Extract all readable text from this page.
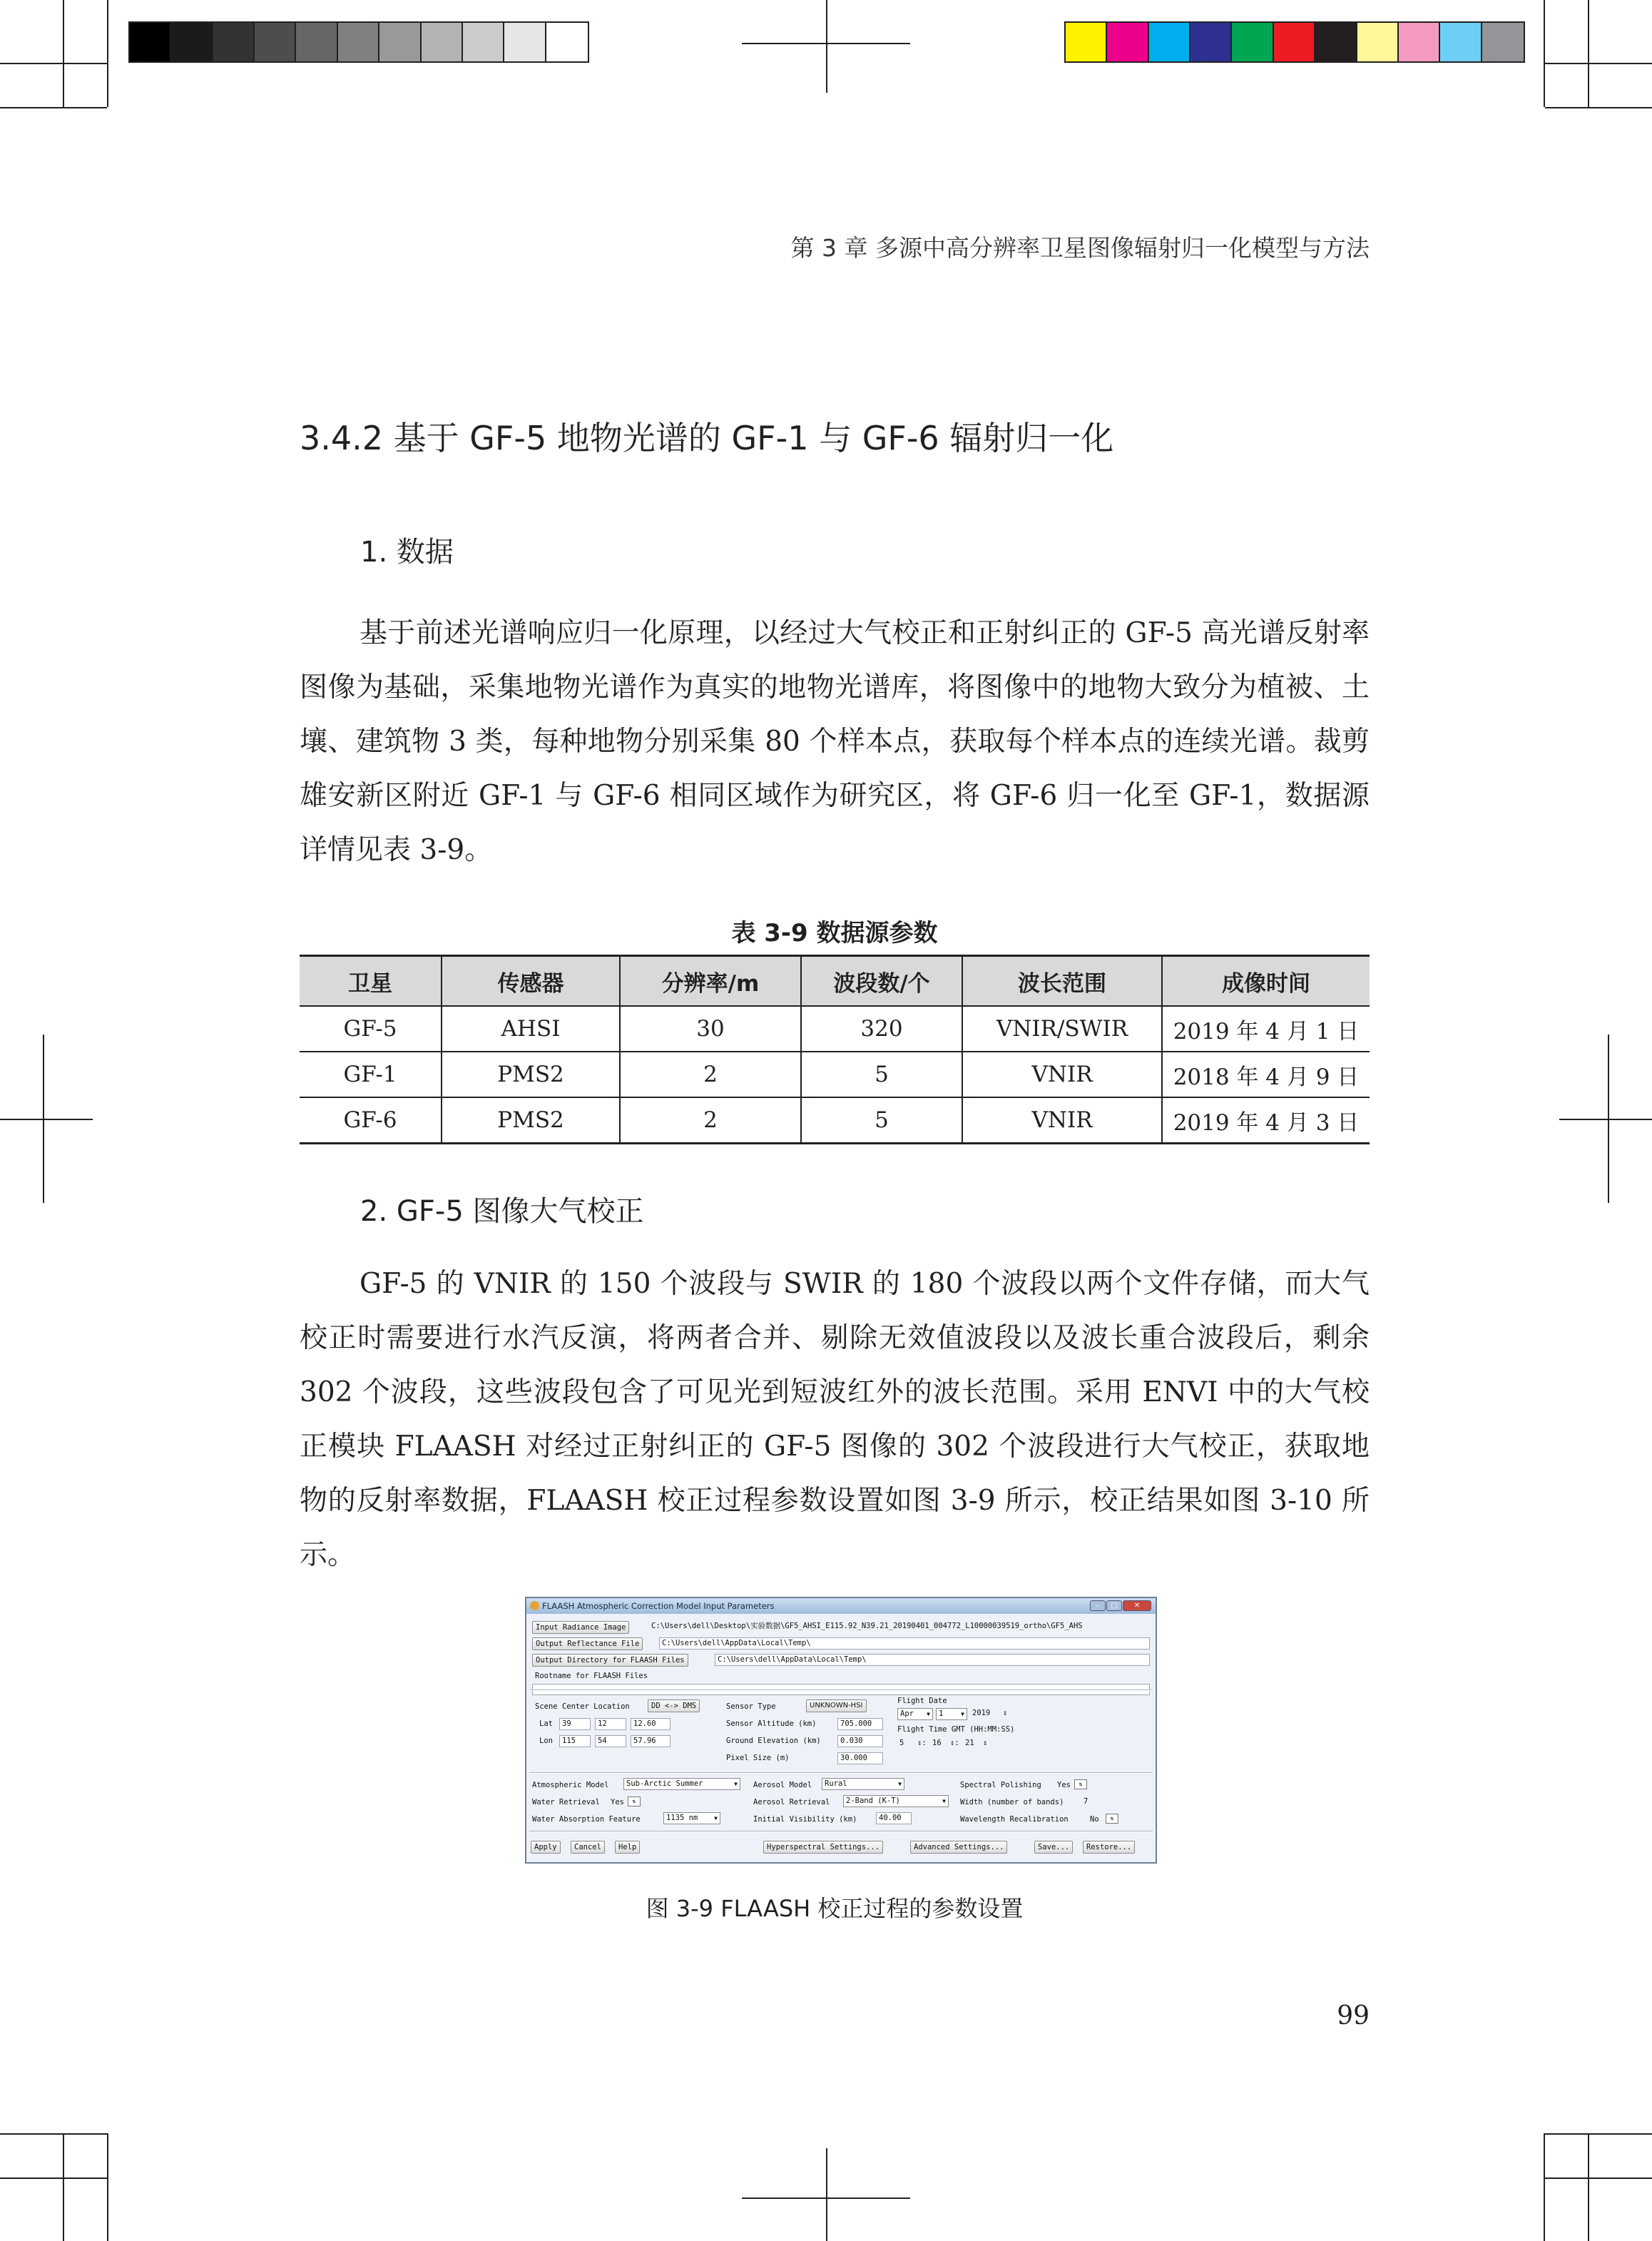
第 3 章 多源中高分辨率卫星图像辐射归一化模型与方法
3.4.2 基于 GF-5 地物光谱的 GF-1 与 GF-6 辐射归一化
1. 数据

基于前述光谱响应归一化原理，以经过大气校正和正射纠正的 GF-5 高光谱反射率图像为基础，采集地物光谱作为真实的地物光谱库，将图像中的地物大致分为植被、土壤、建筑物 3 类，每种地物分别采集 80 个样本点，获取每个样本点的连续光谱。裁剪雄安新区附近 GF-1 与 GF-6 相同区域作为研究区，将 GF-6 归一化至 GF-1，数据源详情见表 3-9。

表 3-9 数据源参数
卫星	传感器	分辨率/m	波段数/个	波长范围	成像时间
GF-5	AHSI	30	320	VNIR/SWIR	2019 年 4 月 1 日
GF-1	PMS2	2	5	VNIR	2018 年 4 月 9 日
GF-6	PMS2	2	5	VNIR	2019 年 4 月 3 日
2. GF-5 图像大气校正

GF-5 的 VNIR 的 150 个波段与 SWIR 的 180 个波段以两个文件存储，而大气校正时需要进行水汽反演，将两者合并、剔除无效值波段以及波长重合波段后，剩余 302 个波段，这些波段包含了可见光到短波红外的波长范围。采用 ENVI 中的大气校正模块 FLAASH 对经过正射纠正的 GF-5 图像的 302 个波段进行大气校正，获取地物的反射率数据，FLAASH 校正过程参数设置如图 3-9 所示，校正结果如图 3-10 所示。

FLAASH Atmospheric Correction Model Input Parameters	–	□	✕
Input Radiance Image	C:\Users\dell\Desktop\实验数据\GF5_AHSI_E115.92_N39.21_20190401_004772_L10000039519_ortho\GF5_AHS
Output Reflectance File	C:\Users\dell\AppData\Local\Temp\
Output Directory for FLAASH Files	C:\Users\dell\AppData\Local\Temp\
Rootname for FLAASH Files
Scene Center Location	DD <-> DMS
Lat	39	12	12.60
Lon	115	54	57.96
Sensor Type	UNKNOWN-HSI
Sensor Altitude (km)	705.000
Ground Elevation (km)	0.030
Pixel Size (m)	30.000
Flight Date
Apr ▼	1	▼ 2019	⇕
Flight Time GMT (HH:MM:SS)
5	⇕: 16	⇕: 21	⇕
Atmospheric Model	Sub-Arctic Summer	▼
Water Retrieval Yes	⇅
Water Absorption Feature	1135 nm	▼
Aerosol Model	Rural	▼
Aerosol Retrieval	2-Band (K-T)	▼
Initial Visibility (km)	40.00
Spectral Polishing Yes	⇅
Width (number of bands)	7
Wavelength Recalibration	No	⇅
Apply	Cancel	Help	Hyperspectral Settings...	Advanced Settings...	Save...	Restore...
图 3-9 FLAASH 校正过程的参数设置
99
